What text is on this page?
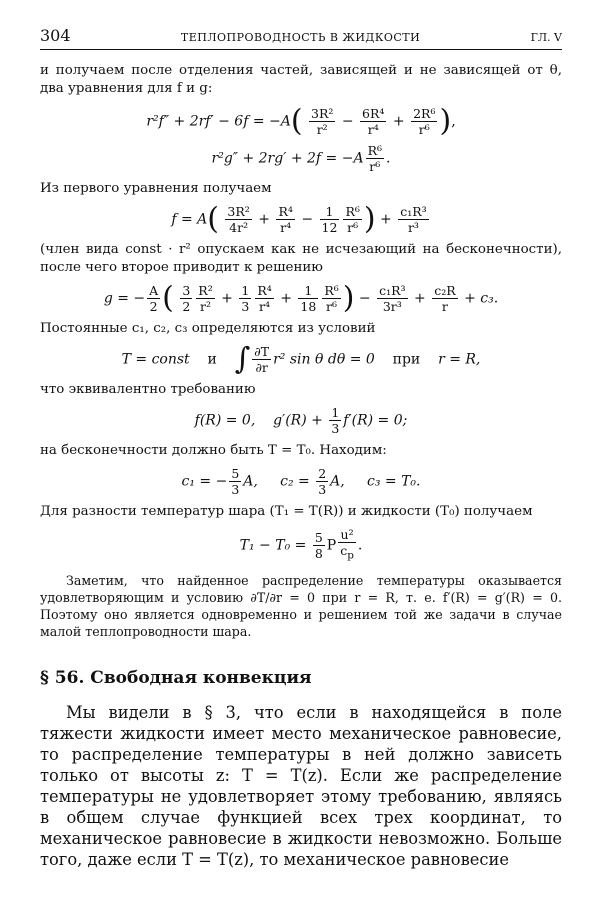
304	ТЕПЛОПРОВОДНОСТЬ В ЖИДКОСТИ	ГЛ. V

и получаем после отделения частей, зависящей и не зависящей от θ, два уравнения для f и g:

$r^2f'' + 2rf' - 6f = -A( \frac{\text{3R²}}{\text{r²}} - \frac{\text{6R⁴}}{\text{r⁴}} + \frac{\text{2R⁶}}{\text{r⁶}}$ ),
$r^2g'' + 2rg' + 2f = -A \frac{\text{R⁶}}{\text{r⁶}}$ .

Из первого уравнения получаем

$f = A( \frac{\text{3R²}}{\text{4r²}} + \frac{\text{R⁴}}{\text{r⁴}} - \frac{1}{12} \frac{\text{R⁶}}{\text{r⁶}}$ ) + $\frac{\text{c₁R³}}{\text{r³}}$

(член вида const · r² опускаем как не исчезающий на бесконечности), после чего второе приводит к решению

g = − $\frac{A}{2}$ ( $\frac{3}{2} \frac{\text{R²}}{\text{r²}} + \frac{1}{3} \frac{\text{R⁴}}{\text{r⁴}} + \frac{1}{18} \frac{\text{R⁶}}{\text{r⁶}}$ ) − $\frac{\text{c₁R³}}{\text{3r³}} + \frac{\text{c₂R}}{r} + c_3$.

Постоянные c₁, c₂, c₃ определяются из условий

T = const и ∫ $\frac{\partial T}{\partial r} r^2$ sin θ dθ = 0 при r = R,

что эквивалентно требованию

f(R) = 0,    $g'(R) + \frac{1}{3} f'(R) = 0$;

на бесконечности должно быть T = T₀. Находим:

c₁ = − $\frac{5}{3} A$, $c_2 = \frac{2}{3} A$, c₃ = T₀.

Для разности температур шара (T₁ = T(R)) и жидкости (T₀) получаем

$T_1 - T_0 = \frac{5}{8}$ P $\frac{\text{u²}}{c_p}$ .

Заметим, что найденное распределение температуры оказывается удовлетворяющим и условию ∂T/∂r = 0 при r = R, т. е. f′(R) = g′(R) = 0. Поэтому оно является одновременно и решением той же задачи в случае малой теплопроводности шара.

§ 56. Свободная конвекция

Мы видели в § 3, что если в находящейся в поле тяжести жидкости имеет место механическое равновесие, то распределение температуры в ней должно зависеть только от высоты z: T = T(z). Если же распределение температуры не удовлетворяет этому требованию, являясь в общем случае функцией всех трех координат, то механическое равновесие в жидкости невозможно. Больше того, даже если T = T(z), то механическое равновесие
